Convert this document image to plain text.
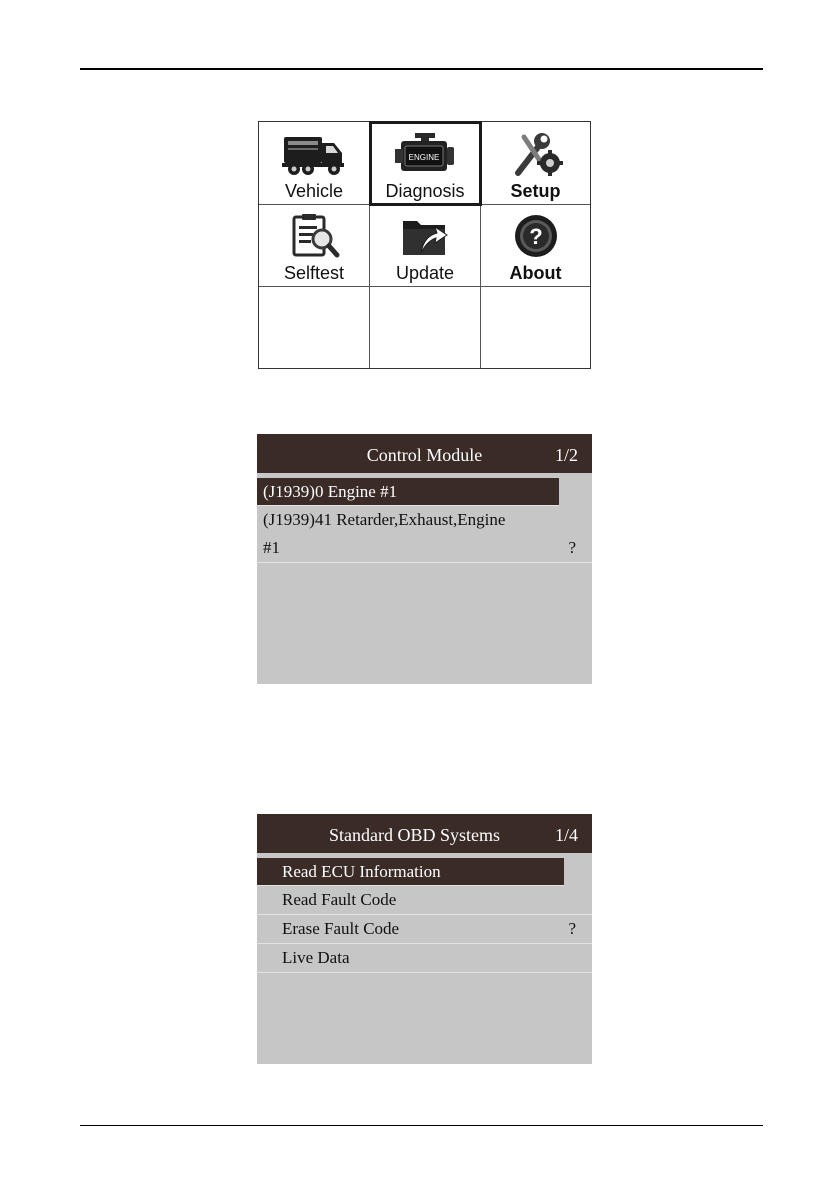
Vehicle
ENGINE
Diagnosis	Setup
Selftest	Update
?
About
Control Module	1/2
(J1939)0 Engine #1
(J1939)41 Retarder,Exhaust,Engine
#1	?
Standard OBD Systems	1/4
Read ECU Information
Read Fault Code
Erase Fault Code	?
Live Data
